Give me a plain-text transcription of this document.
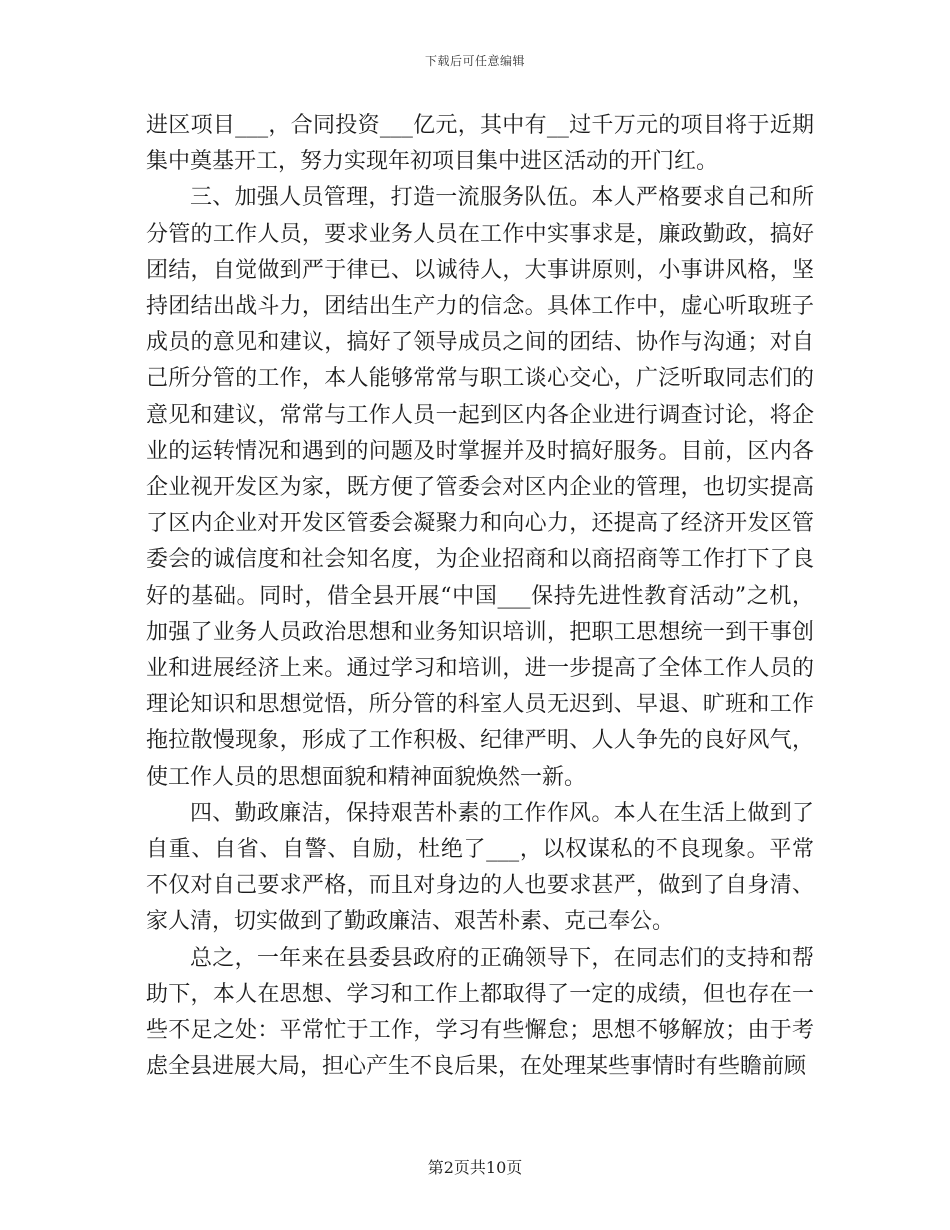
下载后可任意编辑

进区项目___，合同投资___亿元，其中有__过千万元的项目将于近期集中奠基开工，努力实现年初项目集中进区活动的开门红。

三、加强人员管理，打造一流服务队伍。本人严格要求自己和所分管的工作人员，要求业务人员在工作中实事求是，廉政勤政，搞好团结，自觉做到严于律已、以诚待人，大事讲原则，小事讲风格，坚持团结出战斗力，团结出生产力的信念。具体工作中，虚心听取班子成员的意见和建议，搞好了领导成员之间的团结、协作与沟通；对自己所分管的工作，本人能够常常与职工谈心交心，广泛听取同志们的意见和建议，常常与工作人员一起到区内各企业进行调查讨论，将企业的运转情况和遇到的问题及时掌握并及时搞好服务。目前，区内各企业视开发区为家，既方便了管委会对区内企业的管理，也切实提高了区内企业对开发区管委会凝聚力和向心力，还提高了经济开发区管委会的诚信度和社会知名度，为企业招商和以商招商等工作打下了良好的基础。同时，借全县开展“中国___保持先进性教育活动”之机，加强了业务人员政治思想和业务知识培训，把职工思想统一到干事创业和进展经济上来。通过学习和培训，进一步提高了全体工作人员的理论知识和思想觉悟，所分管的科室人员无迟到、早退、旷班和工作拖拉散慢现象，形成了工作积极、纪律严明、人人争先的良好风气，使工作人员的思想面貌和精神面貌焕然一新。

四、勤政廉洁，保持艰苦朴素的工作作风。本人在生活上做到了自重、自省、自警、自励，杜绝了___，以权谋私的不良现象。平常不仅对自己要求严格，而且对身边的人也要求甚严，做到了自身清、家人清，切实做到了勤政廉洁、艰苦朴素、克己奉公。

总之，一年来在县委县政府的正确领导下，在同志们的支持和帮助下，本人在思想、学习和工作上都取得了一定的成绩，但也存在一些不足之处：平常忙于工作，学习有些懈怠；思想不够解放；由于考虑全县进展大局，担心产生不良后果，在处理某些事情时有些瞻前顾

第2页共10页
